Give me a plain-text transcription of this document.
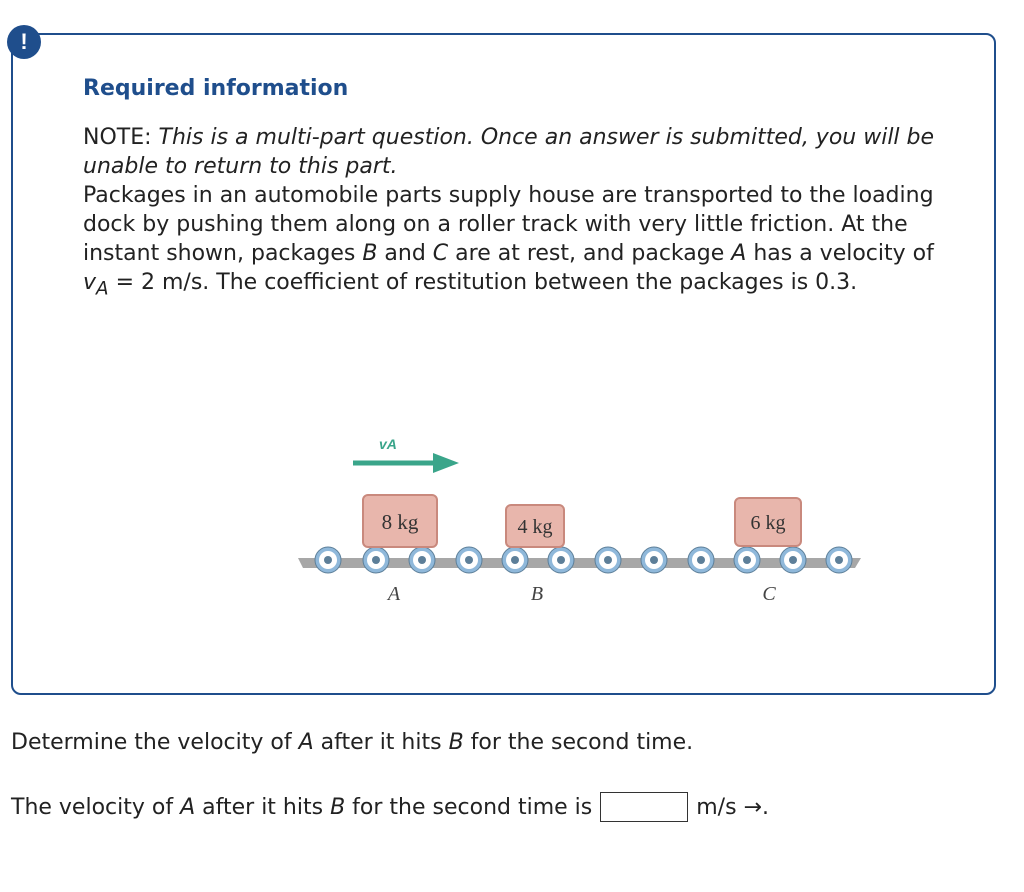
!
Required information

NOTE: This is a multi-part question. Once an answer is submitted, you will be unable to return to this part.

Packages in an automobile parts supply house are transported to the loading dock by pushing them along on a roller track with very little friction. At the instant shown, packages B and C are at rest, and package A has a velocity of $v_A = 2$ m/s. The coefficient of restitution between the packages is 0.3.

vA
8 kg	4 kg	6 kg
A	B	C

Determine the velocity of A after it hits B for the second time.

The velocity of
A
after it hits
B
for the second time is	m/s →.
